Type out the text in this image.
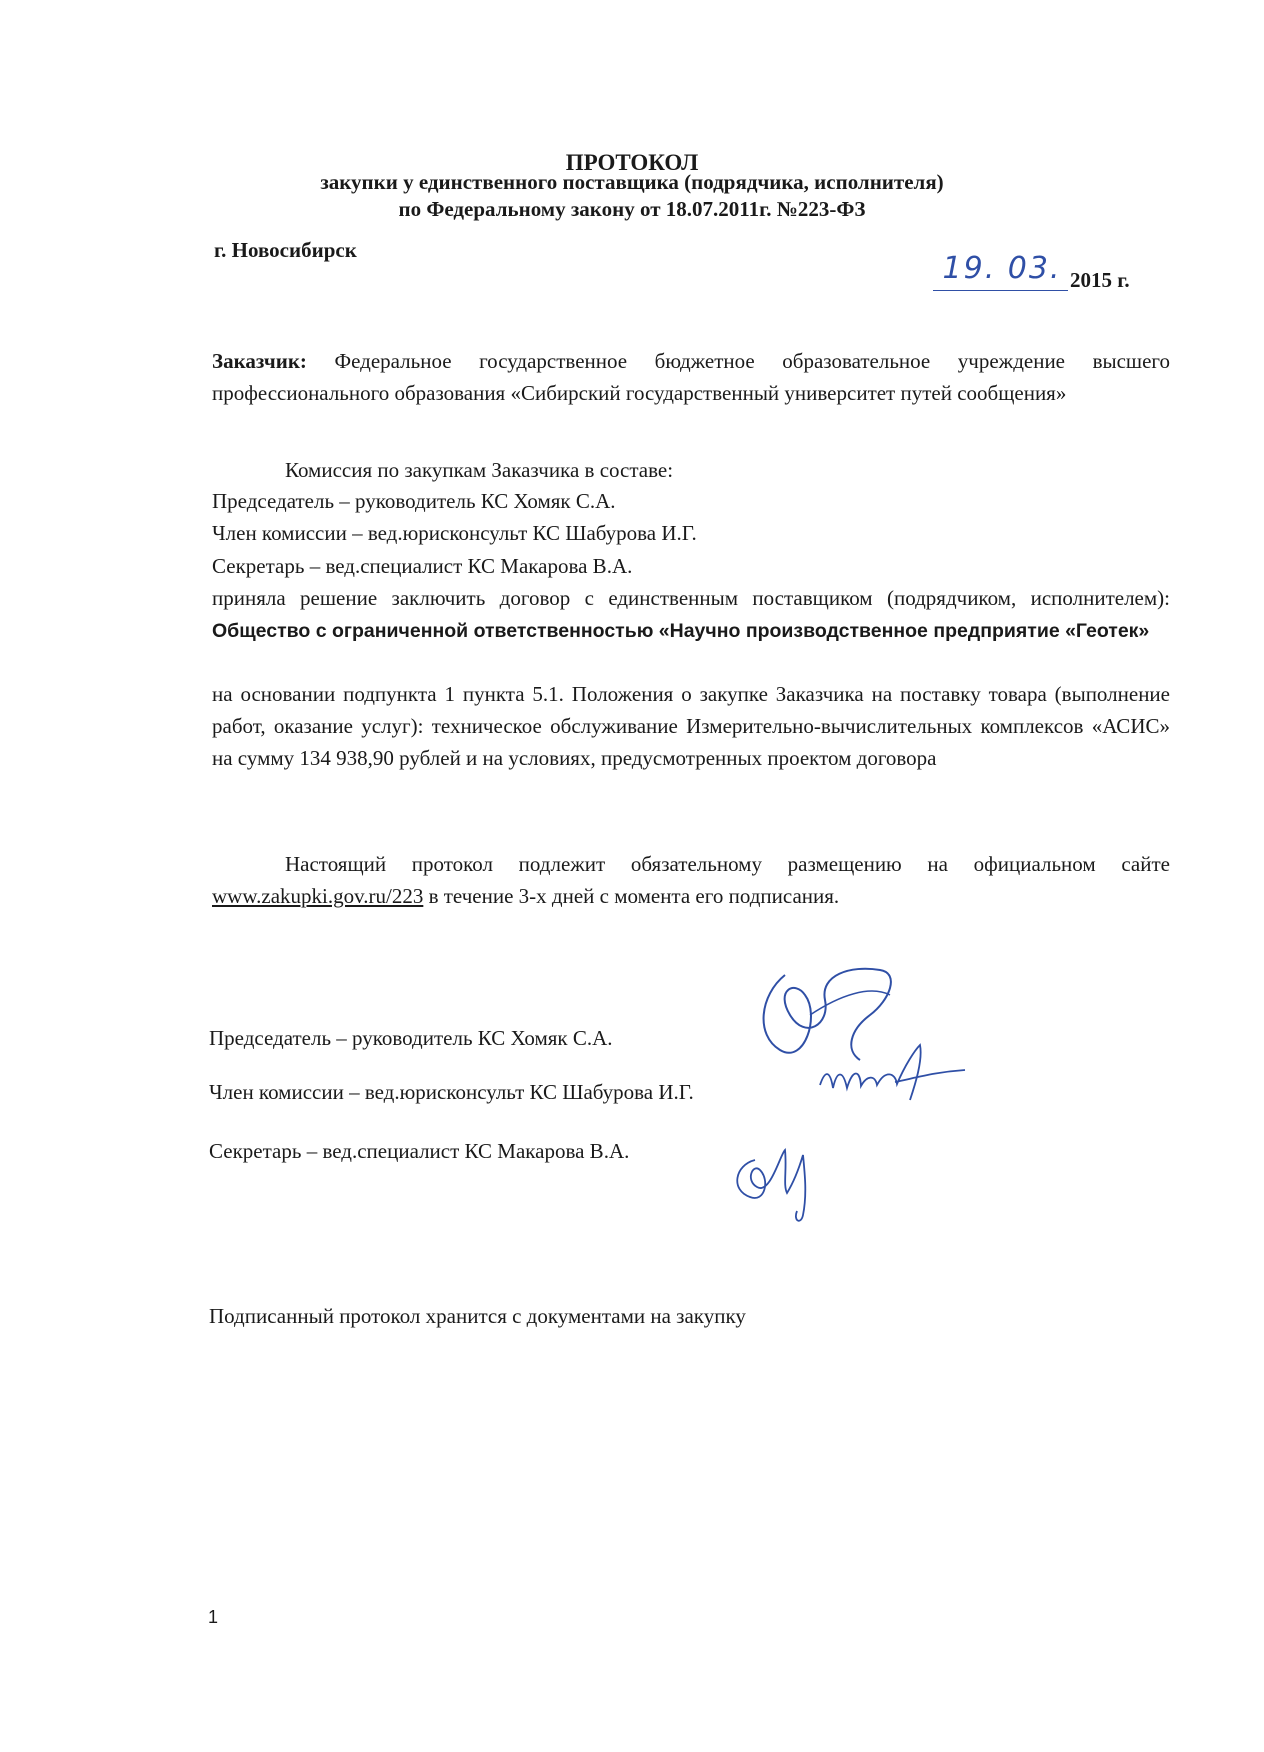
ПРОТОКОЛ

закупки у единственного поставщика (подрядчика, исполнителя)

по Федеральному закону от 18.07.2011г. №223-ФЗ

г. Новосибирск

19. 03. 2015 г.

Заказчик: Федеральное государственное бюджетное образовательное учреждение высшего профессионального образования «Сибирский государственный университет путей сообщения»

Комиссия по закупкам Заказчика в составе:

Председатель – руководитель КС Хомяк С.А.

Член комиссии – вед.юрисконсульт КС Шабурова И.Г.

Секретарь – вед.специалист КС Макарова В.А.

приняла решение заключить договор с единственным поставщиком (подрядчиком, исполнителем): Общество с ограниченной ответственностью «Научно производственное предприятие «Геотек»

на основании подпункта 1 пункта 5.1. Положения о закупке Заказчика на поставку товара (выполнение работ, оказание услуг): техническое обслуживание Измерительно-вычислительных комплексов «АСИС» на сумму 134 938,90 рублей и на условиях, предусмотренных проектом договора

Настоящий протокол подлежит обязательному размещению на официальном сайте www.zakupki.gov.ru/223 в течение 3-х дней с момента его подписания.

Председатель – руководитель КС Хомяк С.А.

Член комиссии – вед.юрисконсульт КС Шабурова И.Г.

Секретарь – вед.специалист КС Макарова В.А.

Подписанный протокол хранится с документами на закупку

1
